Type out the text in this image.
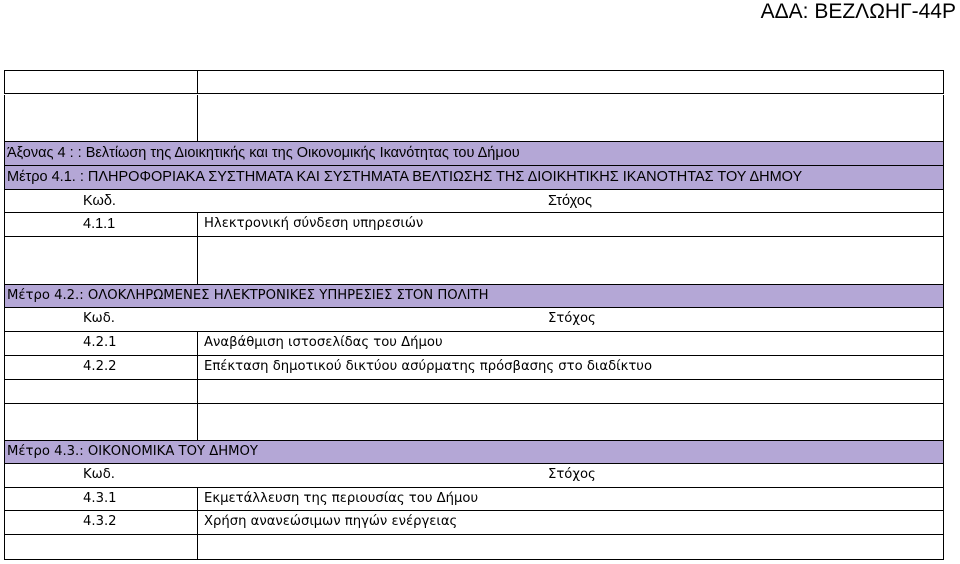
ΑΔΑ: ΒΕΖΛΩΗΓ-44Ρ
Άξονας 4 : : Βελτίωση της Διοικητικής και της Οικονομικής Ικανότητας του Δήμου
Μέτρο 4.1. : ΠΛΗΡΟΦΟΡΙΑΚΑ ΣΥΣΤΗΜΑΤΑ ΚΑΙ ΣΥΣΤΗΜΑΤΑ ΒΕΛΤΙΩΣΗΣ ΤΗΣ ΔΙΟΙΚΗΤΙΚΗΣ ΙΚΑΝΟΤΗΤΑΣ ΤΟΥ ΔΗΜΟΥ
Κωδ.	Στόχος
4.1.1	Ηλεκτρονική σύνδεση υπηρεσιών
Μέτρο 4.2.: ΟΛΟΚΛΗΡΩΜΕΝΕΣ ΗΛΕΚΤΡΟΝΙΚΕΣ ΥΠΗΡΕΣΙΕΣ ΣΤΟΝ ΠΟΛΙΤΗ
Κωδ.	Στόχος
4.2.1	Αναβάθμιση ιστοσελίδας του Δήμου
4.2.2	Επέκταση δημοτικού δικτύου ασύρματης πρόσβασης στο διαδίκτυο
Μέτρο 4.3.: ΟΙΚΟΝΟΜΙΚΑ ΤΟΥ ΔΗΜΟΥ
Κωδ.	Στόχος
4.3.1	Εκμετάλλευση της περιουσίας του Δήμου
4.3.2	Χρήση ανανεώσιμων πηγών ενέργειας
